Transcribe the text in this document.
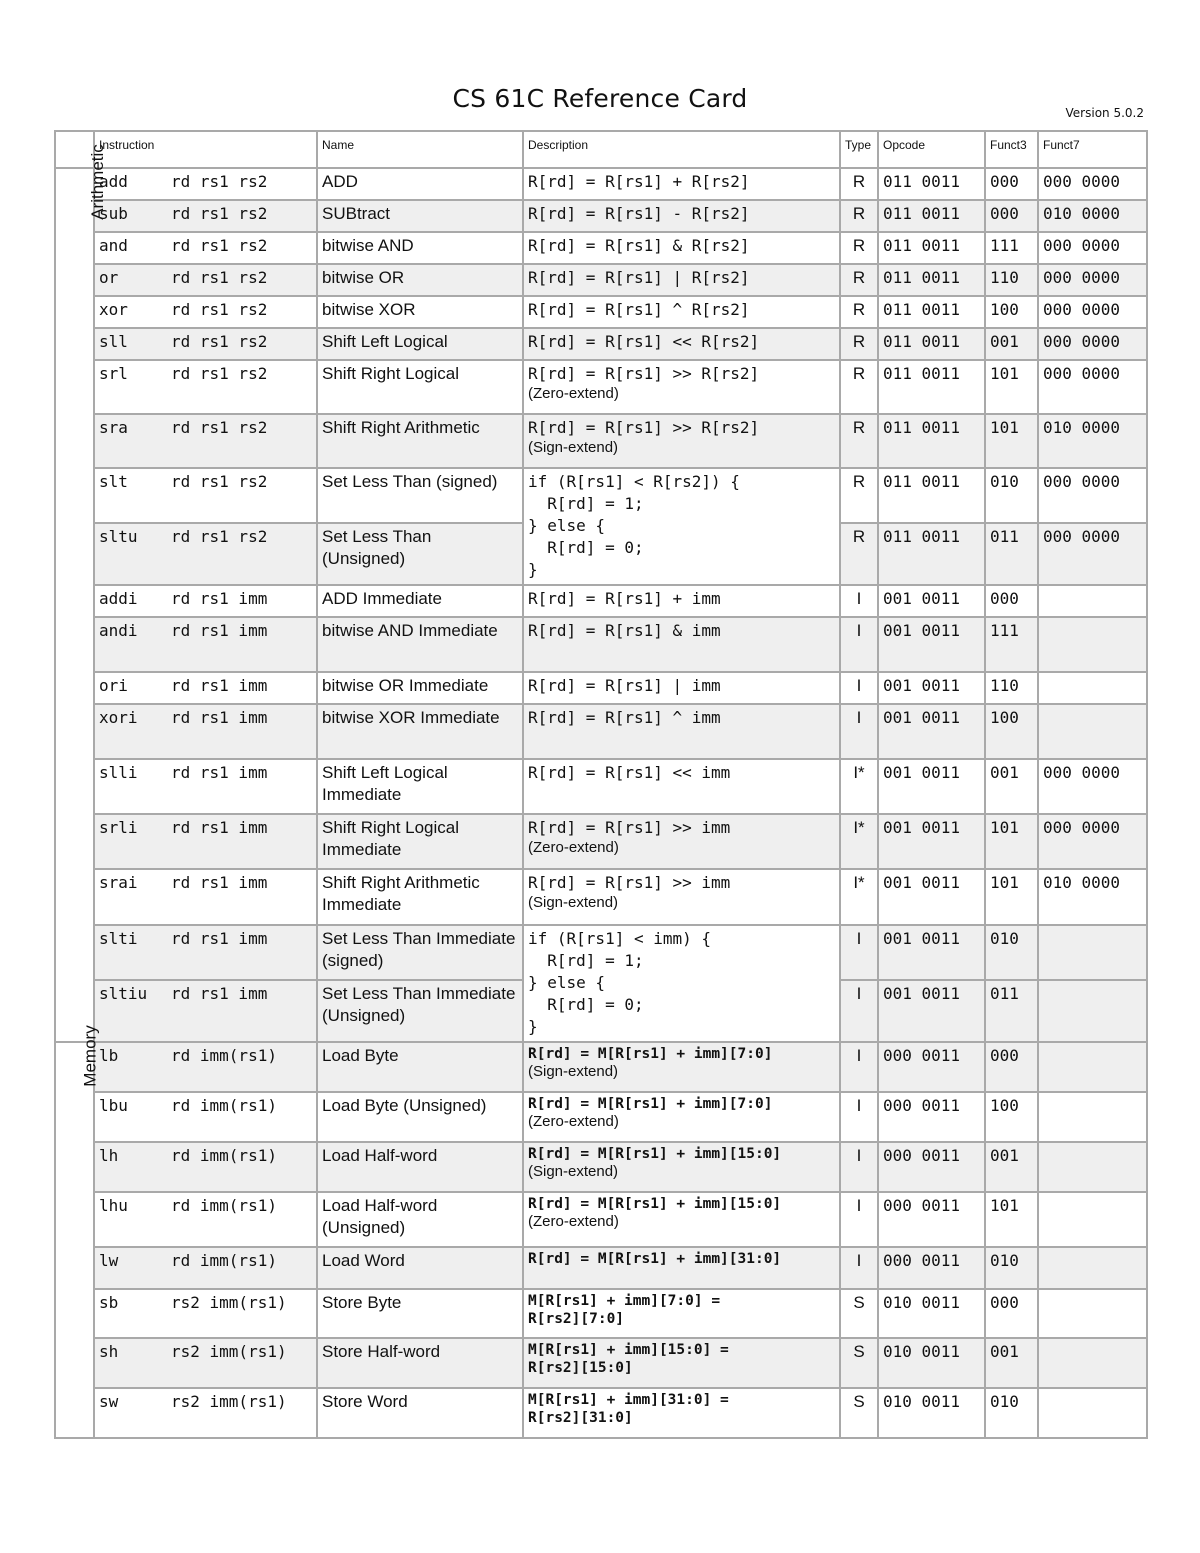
CS 61C Reference Card	Version 5.0.2
	Instruction	Name	Description	Type	Opcode	Funct3	Funct7
Arithmetic	add rd rs1 rs2	ADD	R[rd] = R[rs1] + R[rs2]	R	011 0011	000	000 0000
	sub rd rs1 rs2	SUBtract	R[rd] = R[rs1] - R[rs2]	R	011 0011	000	010 0000
	and rd rs1 rs2	bitwise AND	R[rd] = R[rs1] & R[rs2]	R	011 0011	111	000 0000
	or rd rs1 rs2	bitwise OR	R[rd] = R[rs1] | R[rs2]	R	011 0011	110	000 0000
	xor rd rs1 rs2	bitwise XOR	R[rd] = R[rs1] ^ R[rs2]	R	011 0011	100	000 0000
	sll rd rs1 rs2	Shift Left Logical	R[rd] = R[rs1] << R[rs2]	R	011 0011	001	000 0000
	srl rd rs1 rs2	Shift Right Logical	R[rd] = R[rs1] >> R[rs2]
(Zero-extend)	R	011 0011	101	000 0000
	sra rd rs1 rs2	Shift Right Arithmetic	R[rd] = R[rs1] >> R[rs2]
(Sign-extend)	R	011 0011	101	010 0000
	slt rd rs1 rs2	Set Less Than (signed)	if (R[rs1] < R[rs2]) {
R[rd] = 1;
} else {
R[rd] = 0;
}	R	011 0011	010	000 0000
	sltu rd rs1 rs2	Set Less Than (Unsigned)		R	011 0011	011	000 0000
	addi rd rs1 imm	ADD Immediate	R[rd] = R[rs1] + imm	I	001 0011	000	
	andi rd rs1 imm	bitwise AND Immediate	R[rd] = R[rs1] & imm	I	001 0011	111	
	ori rd rs1 imm	bitwise OR Immediate	R[rd] = R[rs1] | imm	I	001 0011	110	
	xori rd rs1 imm	bitwise XOR Immediate	R[rd] = R[rs1] ^ imm	I	001 0011	100	
	slli rd rs1 imm	Shift Left Logical Immediate	R[rd] = R[rs1] << imm	I*	001 0011	001	000 0000
	srli rd rs1 imm	Shift Right Logical Immediate	R[rd] = R[rs1] >> imm
(Zero-extend)	I*	001 0011	101	000 0000
	srai rd rs1 imm	Shift Right Arithmetic Immediate	R[rd] = R[rs1] >> imm
(Sign-extend)	I*	001 0011	101	010 0000
	slti rd rs1 imm	Set Less Than Immediate (signed)	if (R[rs1] < imm) {
R[rd] = 1;
} else {
R[rd] = 0;
}	I	001 0011	010	
	sltiu rd rs1 imm	Set Less Than Immediate (Unsigned)		I	001 0011	011	
Memory	lb rd imm(rs1)	Load Byte	R[rd] = M[R[rs1] + imm][7:0]
(Sign-extend)	I	000 0011	000	
	lbu rd imm(rs1)	Load Byte (Unsigned)	R[rd] = M[R[rs1] + imm][7:0]
(Zero-extend)	I	000 0011	100	
	lh rd imm(rs1)	Load Half-word	R[rd] = M[R[rs1] + imm][15:0]
(Sign-extend)	I	000 0011	001	
	lhu rd imm(rs1)	Load Half-word (Unsigned)	R[rd] = M[R[rs1] + imm][15:0]
(Zero-extend)	I	000 0011	101	
	lw rd imm(rs1)	Load Word	R[rd] = M[R[rs1] + imm][31:0]	I	000 0011	010	
	sb rs2 imm(rs1)	Store Byte	M[R[rs1] + imm][7:0] =
R[rs2][7:0]	S	010 0011	000	
	sh rs2 imm(rs1)	Store Half-word	M[R[rs1] + imm][15:0] =
R[rs2][15:0]	S	010 0011	001	
	sw rs2 imm(rs1)	Store Word	M[R[rs1] + imm][31:0] =
R[rs2][31:0]	S	010 0011	010	
